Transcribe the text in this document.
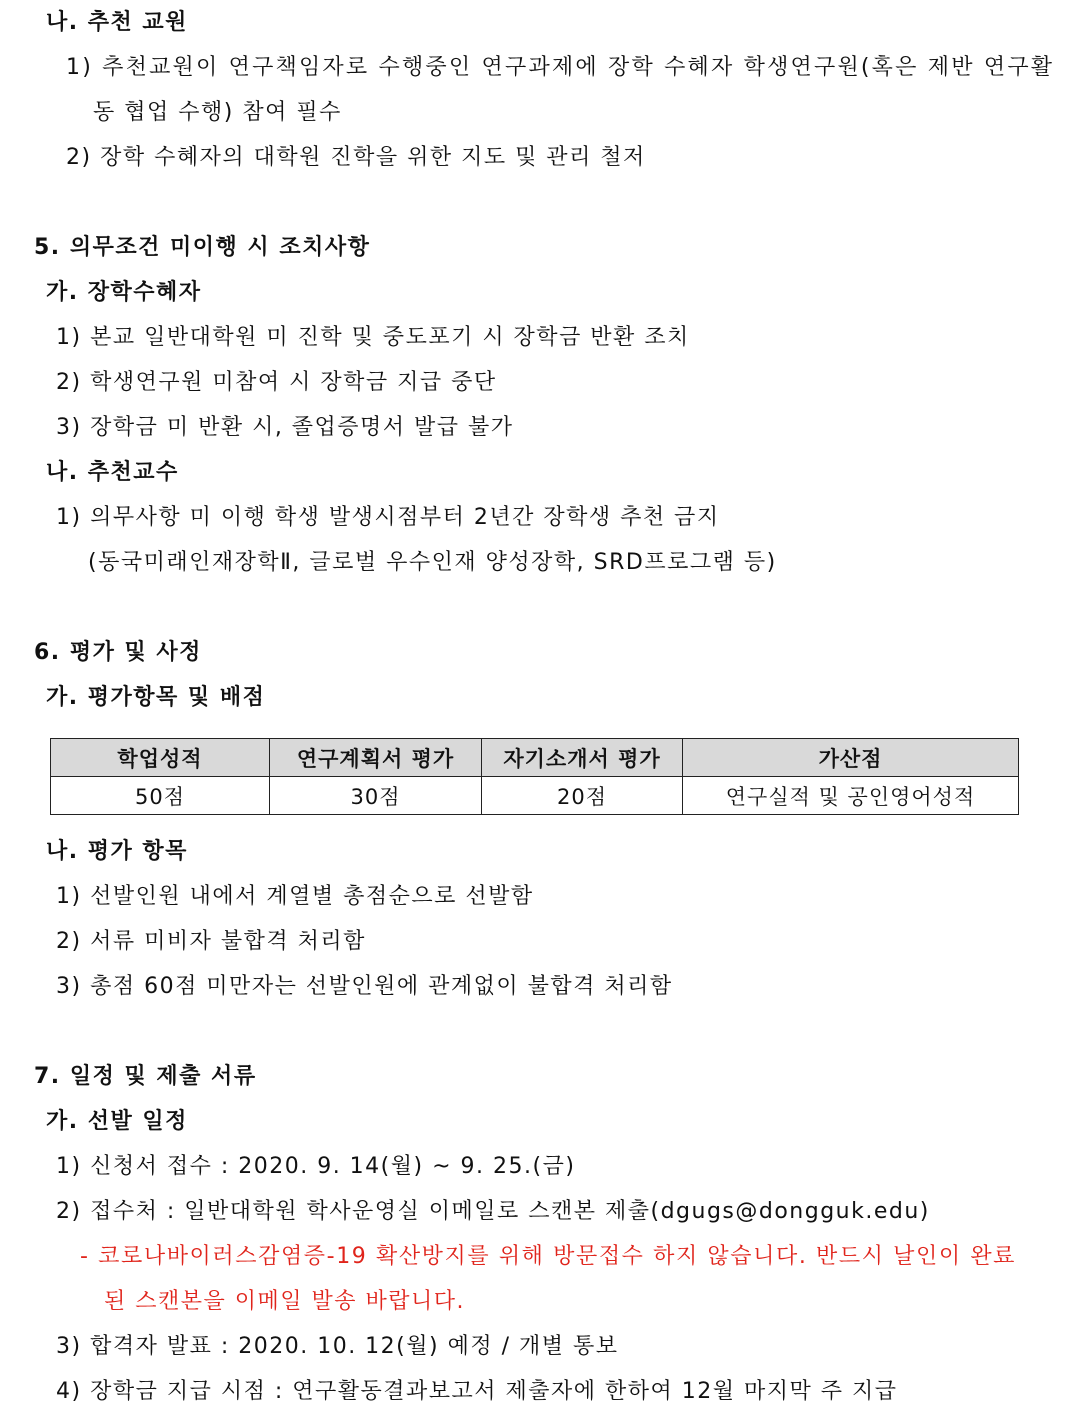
나. 추천 교원
1) 추천교원이 연구책임자로 수행중인 연구과제에 장학 수혜자 학생연구원(혹은 제반 연구활
동 협업 수행) 참여 필수
2) 장학 수혜자의 대학원 진학을 위한 지도 및 관리 철저
5. 의무조건 미이행 시 조치사항
가. 장학수혜자
1) 본교 일반대학원 미 진학 및 중도포기 시 장학금 반환 조치
2) 학생연구원 미참여 시 장학금 지급 중단
3) 장학금 미 반환 시, 졸업증명서 발급 불가
나. 추천교수
1) 의무사항 미 이행 학생 발생시점부터 2년간 장학생 추천 금지
(동국미래인재장학Ⅱ, 글로벌 우수인재 양성장학, SRD프로그램 등)
6. 평가 및 사정
가. 평가항목 및 배점
학업성적	연구계획서 평가	자기소개서 평가	가산점
50점	30점	20점	연구실적 및 공인영어성적
나. 평가 항목
1) 선발인원 내에서 계열별 총점순으로 선발함
2) 서류 미비자 불합격 처리함
3) 총점 60점 미만자는 선발인원에 관계없이 불합격 처리함
7. 일정 및 제출 서류
가. 선발 일정
1) 신청서 접수 : 2020. 9. 14(월) ~ 9. 25.(금)
2) 접수처 : 일반대학원 학사운영실 이메일로 스캔본 제출(dgugs@dongguk.edu)
- 코로나바이러스감염증-19 확산방지를 위해 방문접수 하지 않습니다. 반드시 날인이 완료
된 스캔본을 이메일 발송 바랍니다.
3) 합격자 발표 : 2020. 10. 12(월) 예정 / 개별 통보
4) 장학금 지급 시점 : 연구활동결과보고서 제출자에 한하여 12월 마지막 주 지급
